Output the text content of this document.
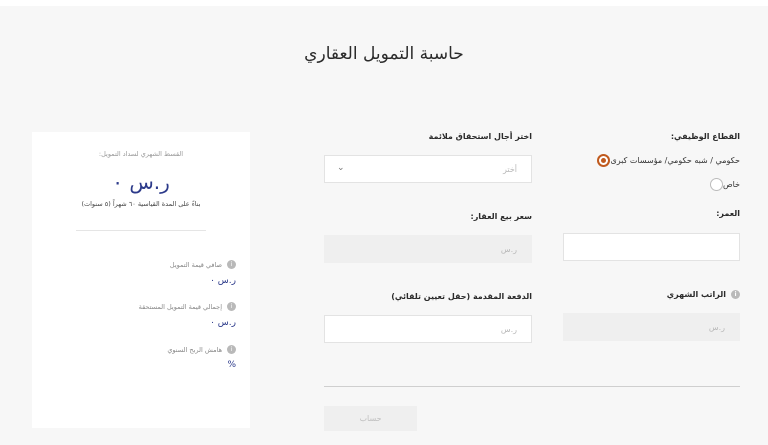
حاسبة التمويل العقاري
القطاع الوظيفي:
حكومي / شبه حكومي/ مؤسسات كبرى
خاص
العمر:
الراتب الشهري	i
ر.س
اختر أجال استحقاق ملائمة
أختر
⌄
سعر بيع العقار:
ر.س
الدفعة المقدمة (حقل تعيين تلقائي)
ر.س
حساب
القسط الشهري لسداد التمويل:
ر.س ٠
بناءً على المدة القياسية ٦٠ شهراً (٥ سنوات)
صافي قيمة التمويل	i
ر.س ٠
إجمالي قيمة التمويل المستحقة	i
ر.س ٠
هامش الربح السنوي	i
%
